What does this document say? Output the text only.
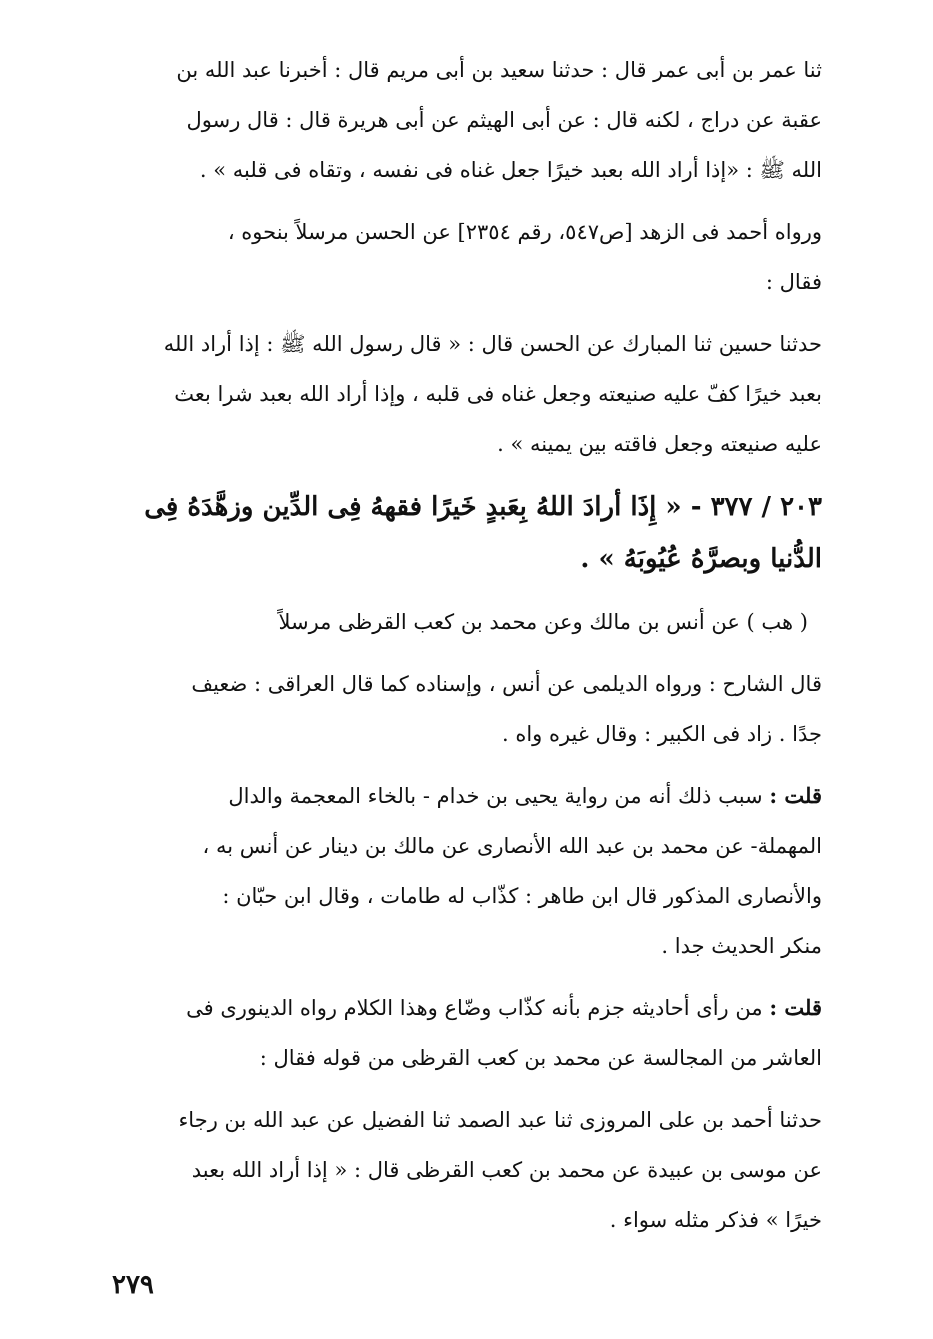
ثنا عمر بن أبى عمر قال : حدثنا سعيد بن أبى مريم قال : أخبرنا عبد الله بن
عقبة عن دراج ، لكنه قال : عن أبى الهيثم عن أبى هريرة قال : قال رسول
الله ﷺ : «إذا أراد الله بعبد خيرًا جعل غناه فى نفسه ، وتقاه فى قلبه » .
ورواه أحمد فى الزهد [ص٥٤٧، رقم ٢٣٥٤] عن الحسن مرسلاً بنحوه ،
فقال :
حدثنا حسين ثنا المبارك عن الحسن قال : « قال رسول الله ﷺ : إذا أراد الله
بعبد خيرًا كفّ عليه صنيعته وجعل غناه فى قلبه ، وإذا أراد الله بعبد شرا بعث
عليه صنيعته وجعل فاقته بين يمينه » .
٢٠٣ / ٣٧٧ - « إِذَا أرادَ اللهُ بِعَبدٍ خَيرًا فقههُ فِى الدِّين وزهَّدَهُ فِى
الدُّنيا وبصرَّهُ عُيُوبَهُ » .
( هب ) عن أنس بن مالك وعن محمد بن كعب القرظى مرسلاً
قال الشارح : ورواه الديلمى عن أنس ، وإسناده كما قال العراقى : ضعيف
جدًا . زاد فى الكبير : وقال غيره واه .
قلت : سبب ذلك أنه من رواية يحيى بن خدام - بالخاء المعجمة والدال
المهملة- عن محمد بن عبد الله الأنصارى عن مالك بن دينار عن أنس به ،
والأنصارى المذكور قال ابن طاهر : كذّاب له طامات ، وقال ابن حبّان :
منكر الحديث جدا .
قلت : من رأى أحاديثه جزم بأنه كذّاب وضّاع وهذا الكلام رواه الدينورى فى
العاشر من المجالسة عن محمد بن كعب القرظى من قوله فقال :
حدثنا أحمد بن على المروزى ثنا عبد الصمد ثنا الفضيل عن عبد الله بن رجاء
عن موسى بن عبيدة عن محمد بن كعب القرظى قال : « إذا أراد الله بعبد
خيرًا » فذكر مثله سواء .
٢٧٩
